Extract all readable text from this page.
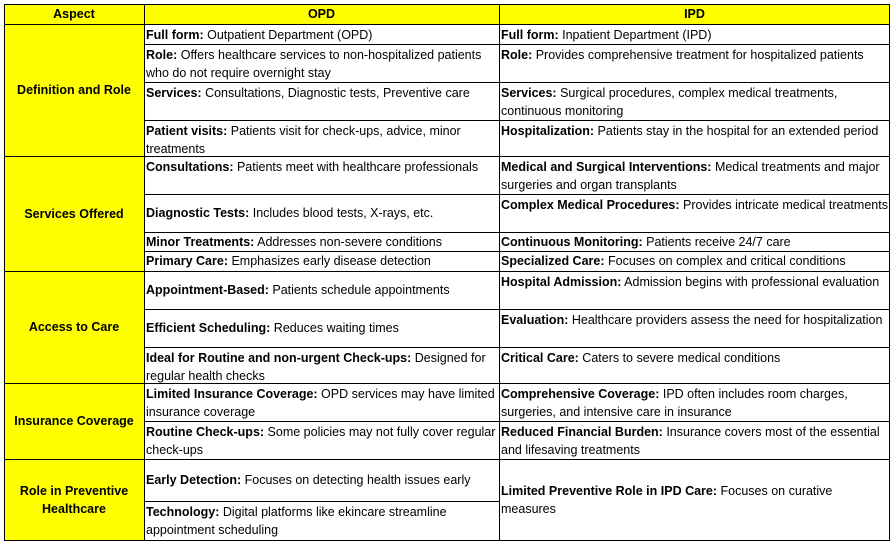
Aspect	OPD	IPD
Definition and Role
Full form: Outpatient Department (OPD)
Role: Offers healthcare services to non-hospitalized patients who do not require overnight stay
Services: Consultations, Diagnostic tests, Preventive care
Patient visits: Patients visit for check-ups, advice, minor treatments
Full form: Inpatient Department (IPD)
Role: Provides comprehensive treatment for hospitalized patients
Services: Surgical procedures, complex medical treatments, continuous monitoring
Hospitalization: Patients stay in the hospital for an extended period
Services Offered
Consultations: Patients meet with healthcare professionals
Diagnostic Tests: Includes blood tests, X-rays, etc.
Minor Treatments: Addresses non-severe conditions
Primary Care: Emphasizes early disease detection
Medical and Surgical Interventions: Medical treatments and major surgeries and organ transplants
Complex Medical Procedures: Provides intricate medical treatments
Continuous Monitoring: Patients receive 24/7 care
Specialized Care: Focuses on complex and critical conditions
Access to Care
Appointment-Based: Patients schedule appointments
Efficient Scheduling: Reduces waiting times
Ideal for Routine and non-urgent Check-ups: Designed for regular health checks
Hospital Admission: Admission begins with professional evaluation
Evaluation: Healthcare providers assess the need for hospitalization
Critical Care: Caters to severe medical conditions
Insurance Coverage
Limited Insurance Coverage: OPD services may have limited insurance coverage
Routine Check-ups: Some policies may not fully cover regular check-ups
Comprehensive Coverage: IPD often includes room charges, surgeries, and intensive care in insurance
Reduced Financial Burden: Insurance covers most of the essential and lifesaving treatments
Role in Preventive Healthcare
Early Detection: Focuses on detecting health issues early
Technology: Digital platforms like ekincare streamline appointment scheduling
Limited Preventive Role in IPD Care: Focuses on curative measures
